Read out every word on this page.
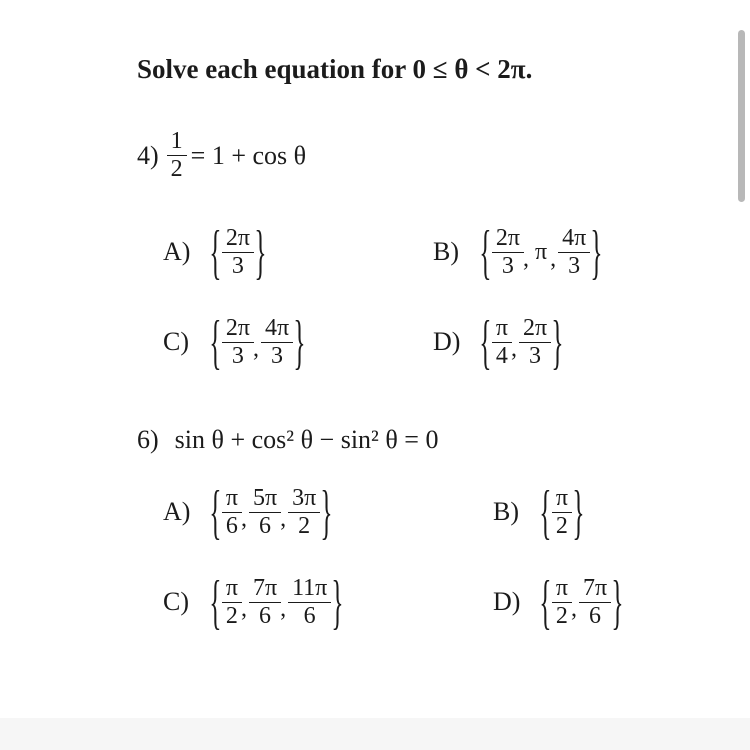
Solve each equation for 0 ≤ θ < 2π.
$4) \frac{1}{2} = 1 + \cos \theta$
A) { $\frac{2\pi}{3}$ }	B) { $\frac{2\pi}{3}$ , π , $\frac{4\pi}{3}$ }
C) { $\frac{2\pi}{3}$ , $\frac{4\pi}{3}$ }	D) { $\frac{\pi}{4}$ , $\frac{2\pi}{3}$ }
6) sin θ + cos² θ − sin² θ = 0
A) { $\frac{\pi}{6}$ , $\frac{5\pi}{6}$ , $\frac{3\pi}{2}$ }	B) { $\frac{\pi}{2}$ }
C) { $\frac{\pi}{2}$ , $\frac{7\pi}{6}$ , $\frac{11\pi}{6}$ }	D) { $\frac{\pi}{2}$ , $\frac{7\pi}{6}$ }
